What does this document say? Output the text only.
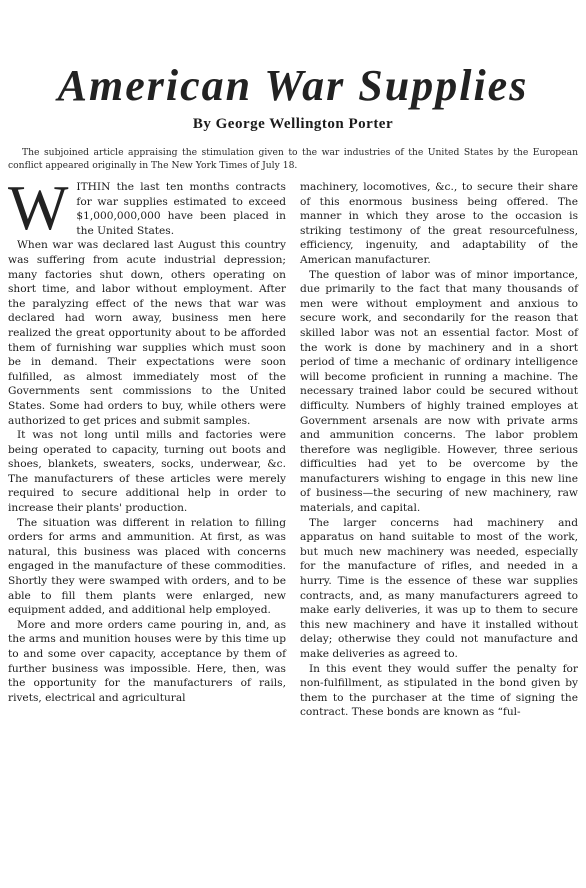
American War Supplies

By George Wellington Porter

The subjoined article appraising the stimulation given to the war industries of the United States by the European conflict appeared originally in The New York Times of July 18.

W ITHIN the last ten months contracts for war supplies estimated to exceed $1,000,000,000 have been placed in the United States.

When war was declared last August this country was suffering from acute industrial depression; many factories shut down, others operating on short time, and labor without employment. After the paralyzing effect of the news that war was declared had worn away, business men here realized the great opportunity about to be afforded them of furnishing war supplies which must soon be in demand. Their expectations were soon fulfilled, as almost immediately most of the Governments sent commissions to the United States. Some had orders to buy, while others were authorized to get prices and submit samples.

It was not long until mills and factories were being operated to capacity, turning out boots and shoes, blankets, sweaters, socks, underwear, &c. The manufacturers of these articles were merely required to secure additional help in order to increase their plants' production.

The situation was different in relation to filling orders for arms and ammunition. At first, as was natural, this business was placed with concerns engaged in the manufacture of these commodities. Shortly they were swamped with orders, and to be able to fill them plants were enlarged, new equipment added, and additional help employed.

More and more orders came pouring in, and, as the arms and munition houses were by this time up to and some over capacity, acceptance by them of further business was impossible. Here, then, was the opportunity for the manufacturers of rails, rivets, electrical and agricultural

machinery, locomotives, &c., to secure their share of this enormous business being offered. The manner in which they arose to the occasion is striking testimony of the great resourcefulness, efficiency, ingenuity, and adaptability of the American manufacturer.

The question of labor was of minor importance, due primarily to the fact that many thousands of men were without employment and anxious to secure work, and secondarily for the reason that skilled labor was not an essential factor. Most of the work is done by machinery and in a short period of time a mechanic of ordinary intelligence will become proficient in running a machine. The necessary trained labor could be secured without difficulty. Numbers of highly trained employes at Government arsenals are now with private arms and ammunition concerns. The labor problem therefore was negligible. However, three serious difficulties had yet to be overcome by the manufacturers wishing to engage in this new line of business—the securing of new machinery, raw materials, and capital.

The larger concerns had machinery and apparatus on hand suitable to most of the work, but much new machinery was needed, especially for the manufacture of rifles, and needed in a hurry. Time is the essence of these war supplies contracts, and, as many manufacturers agreed to make early deliveries, it was up to them to secure this new machinery and have it installed without delay; otherwise they could not manufacture and make deliveries as agreed to.

In this event they would suffer the penalty for non-fulfillment, as stipulated in the bond given by them to the purchaser at the time of signing the contract. These bonds are known as “ful-
